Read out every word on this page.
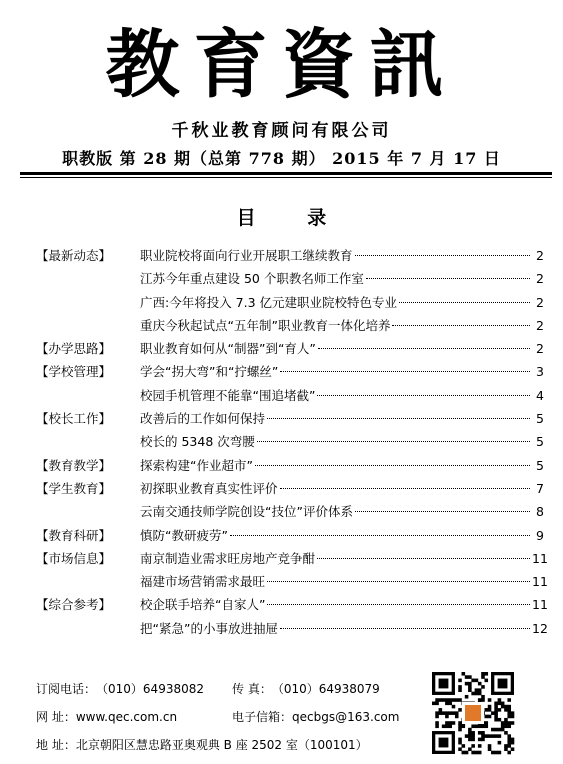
教育資訊
千秋业教育顾问有限公司
职教版 第 28 期（总第 778 期） 2015 年 7 月 17 日
目	录
【最新动态】	职业院校将面向行业开展职工继续教育	2
江苏今年重点建设 50 个职教名师工作室	2
广西:今年将投入 7.3 亿元建职业院校特色专业	2
重庆今秋起试点“五年制”职业教育一体化培养	2
【办学思路】	职业教育如何从“制器”到“育人”	2
【学校管理】	学会“拐大弯”和“拧螺丝”	3
校园手机管理不能靠“围追堵截”	4
【校长工作】	改善后的工作如何保持	5
校长的 5348 次弯腰	5
【教育教学】	探索构建“作业超市”	5
【学生教育】	初探职业教育真实性评价	7
云南交通技师学院创设“技位”评价体系	8
【教育科研】	慎防“教研疲劳”	9
【市场信息】	南京制造业需求旺房地产竞争酣	11
福建市场营销需求最旺	11
【综合参考】	校企联手培养“自家人”	11
把“紧急”的小事放进抽屉	12
订阅电话：（010）64938082 传 真：（010）64938079
网 址：www.qec.com.cn	电子信箱：qecbgs@163.com
地 址：北京朝阳区慧忠路亚奥观典 B 座 2502 室（100101）
